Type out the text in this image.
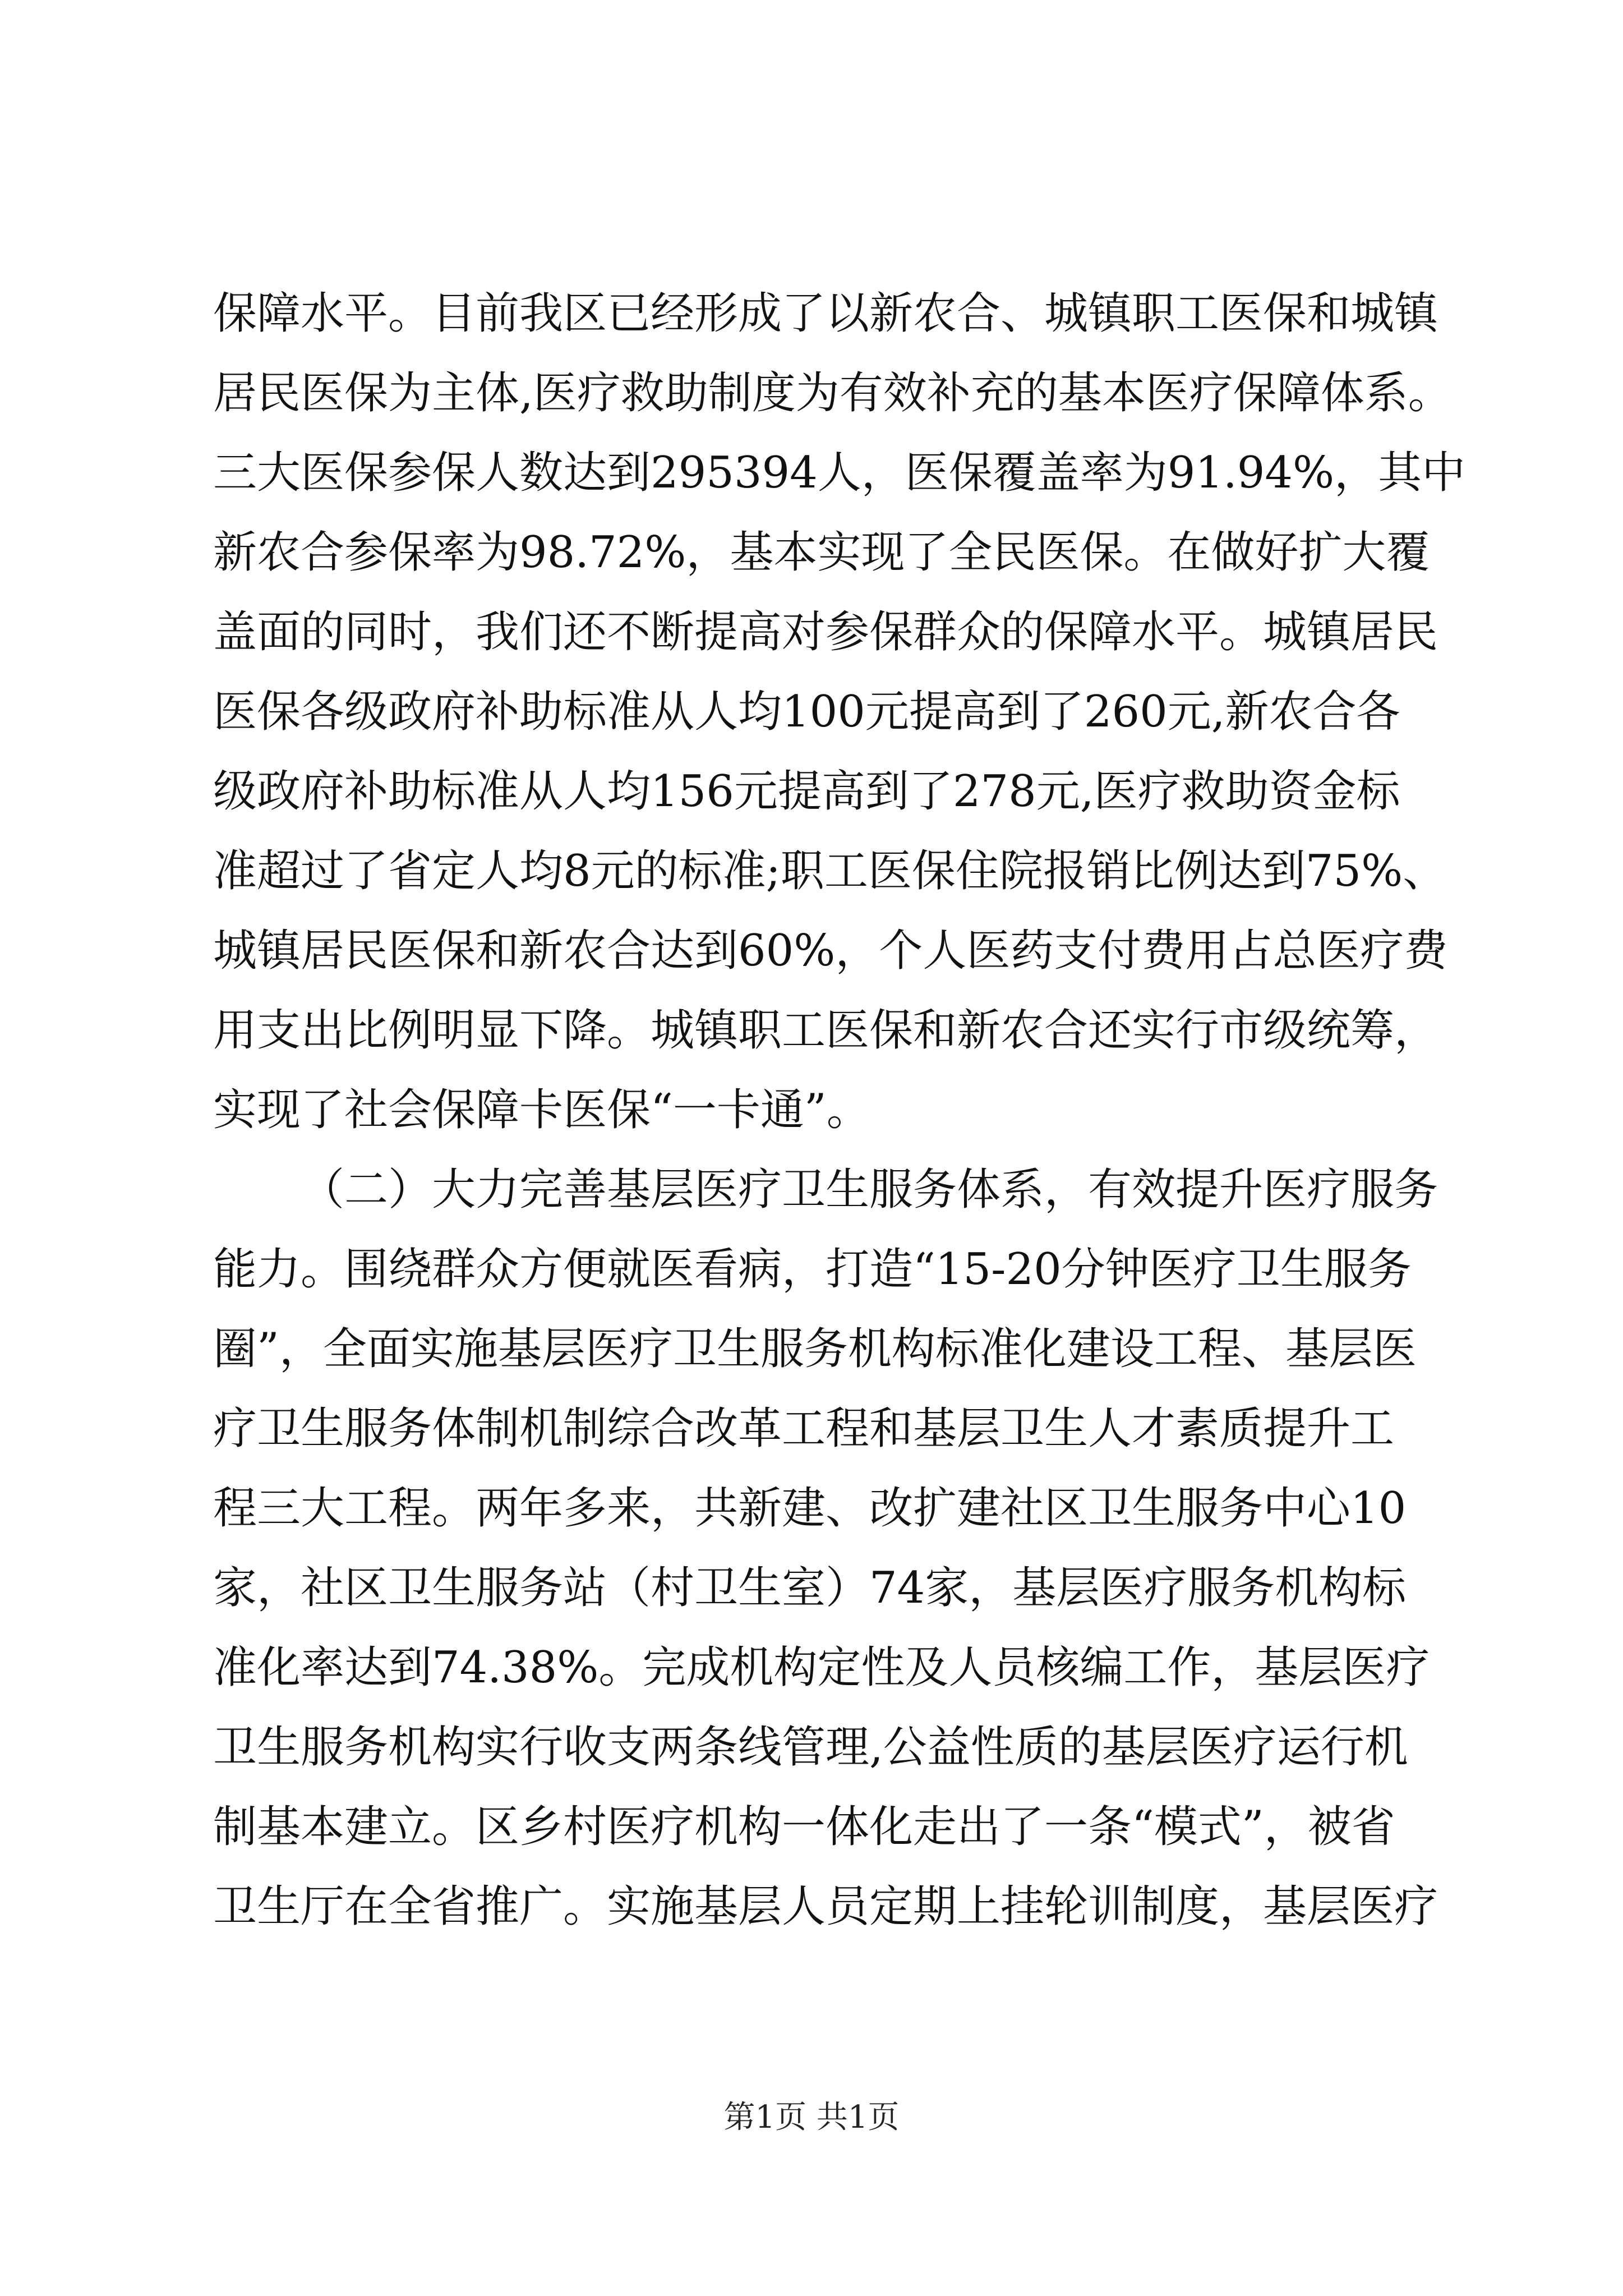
保障水平。目前我区已经形成了以新农合、城镇职工医保和城镇
居民医保为主体,医疗救助制度为有效补充的基本医疗保障体系。
三大医保参保人数达到295394人，医保覆盖率为91.94%，其中
新农合参保率为98.72%，基本实现了全民医保。在做好扩大覆
盖面的同时，我们还不断提高对参保群众的保障水平。城镇居民
医保各级政府补助标准从人均100元提高到了260元,新农合各
级政府补助标准从人均156元提高到了278元,医疗救助资金标
准超过了省定人均8元的标准;职工医保住院报销比例达到75%、
城镇居民医保和新农合达到60%，个人医药支付费用占总医疗费
用支出比例明显下降。城镇职工医保和新农合还实行市级统筹，
实现了社会保障卡医保“一卡通”。
（二）大力完善基层医疗卫生服务体系，有效提升医疗服务
能力。围绕群众方便就医看病，打造“15-20分钟医疗卫生服务
圈”，全面实施基层医疗卫生服务机构标准化建设工程、基层医
疗卫生服务体制机制综合改革工程和基层卫生人才素质提升工
程三大工程。两年多来，共新建、改扩建社区卫生服务中心10
家，社区卫生服务站（村卫生室）74家，基层医疗服务机构标
准化率达到74.38%。完成机构定性及人员核编工作，基层医疗
卫生服务机构实行收支两条线管理,公益性质的基层医疗运行机
制基本建立。区乡村医疗机构一体化走出了一条“模式”，被省
卫生厅在全省推广。实施基层人员定期上挂轮训制度，基层医疗
第1页 共1页
